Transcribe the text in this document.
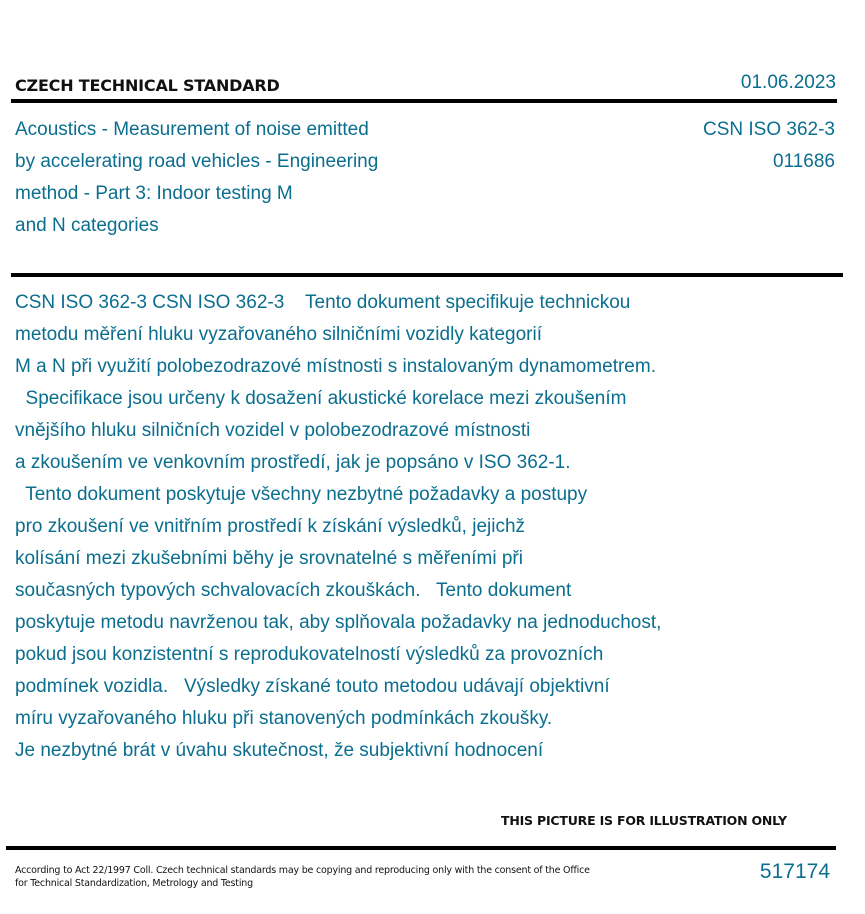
CZECH TECHNICAL STANDARD	01.06.2023
Acoustics - Measurement of noise emitted
by accelerating road vehicles - Engineering
method - Part 3: Indoor testing M
and N categories
CSN ISO 362-3
011686
CSN ISO 362-3 CSN ISO 362-3    Tento dokument specifikuje technickou
metodu měření hluku vyzařovaného silničními vozidly kategorií
M a N při využití polobezodrazové místnosti s instalovaným dynamometrem.
Specifikace jsou určeny k dosažení akustické korelace mezi zkoušením
vnějšího hluku silničních vozidel v polobezodrazové místnosti
a zkoušením ve venkovním prostředí, jak je popsáno v ISO 362-1.
Tento dokument poskytuje všechny nezbytné požadavky a postupy
pro zkoušení ve vnitřním prostředí k získání výsledků, jejichž
kolísání mezi zkušebními běhy je srovnatelné s měřeními při
současných typových schvalovacích zkouškách.   Tento dokument
poskytuje metodu navrženou tak, aby splňovala požadavky na jednoduchost,
pokud jsou konzistentní s reprodukovatelností výsledků za provozních
podmínek vozidla.   Výsledky získané touto metodou udávají objektivní
míru vyzařovaného hluku při stanovených podmínkách zkoušky.
Je nezbytné brát v úvahu skutečnost, že subjektivní hodnocení
THIS PICTURE IS FOR ILLUSTRATION ONLY
According to Act 22/1997 Coll. Czech technical standards may be copying and reproducing only with the consent of the Office
for Technical Standardization, Metrology and Testing
517174
